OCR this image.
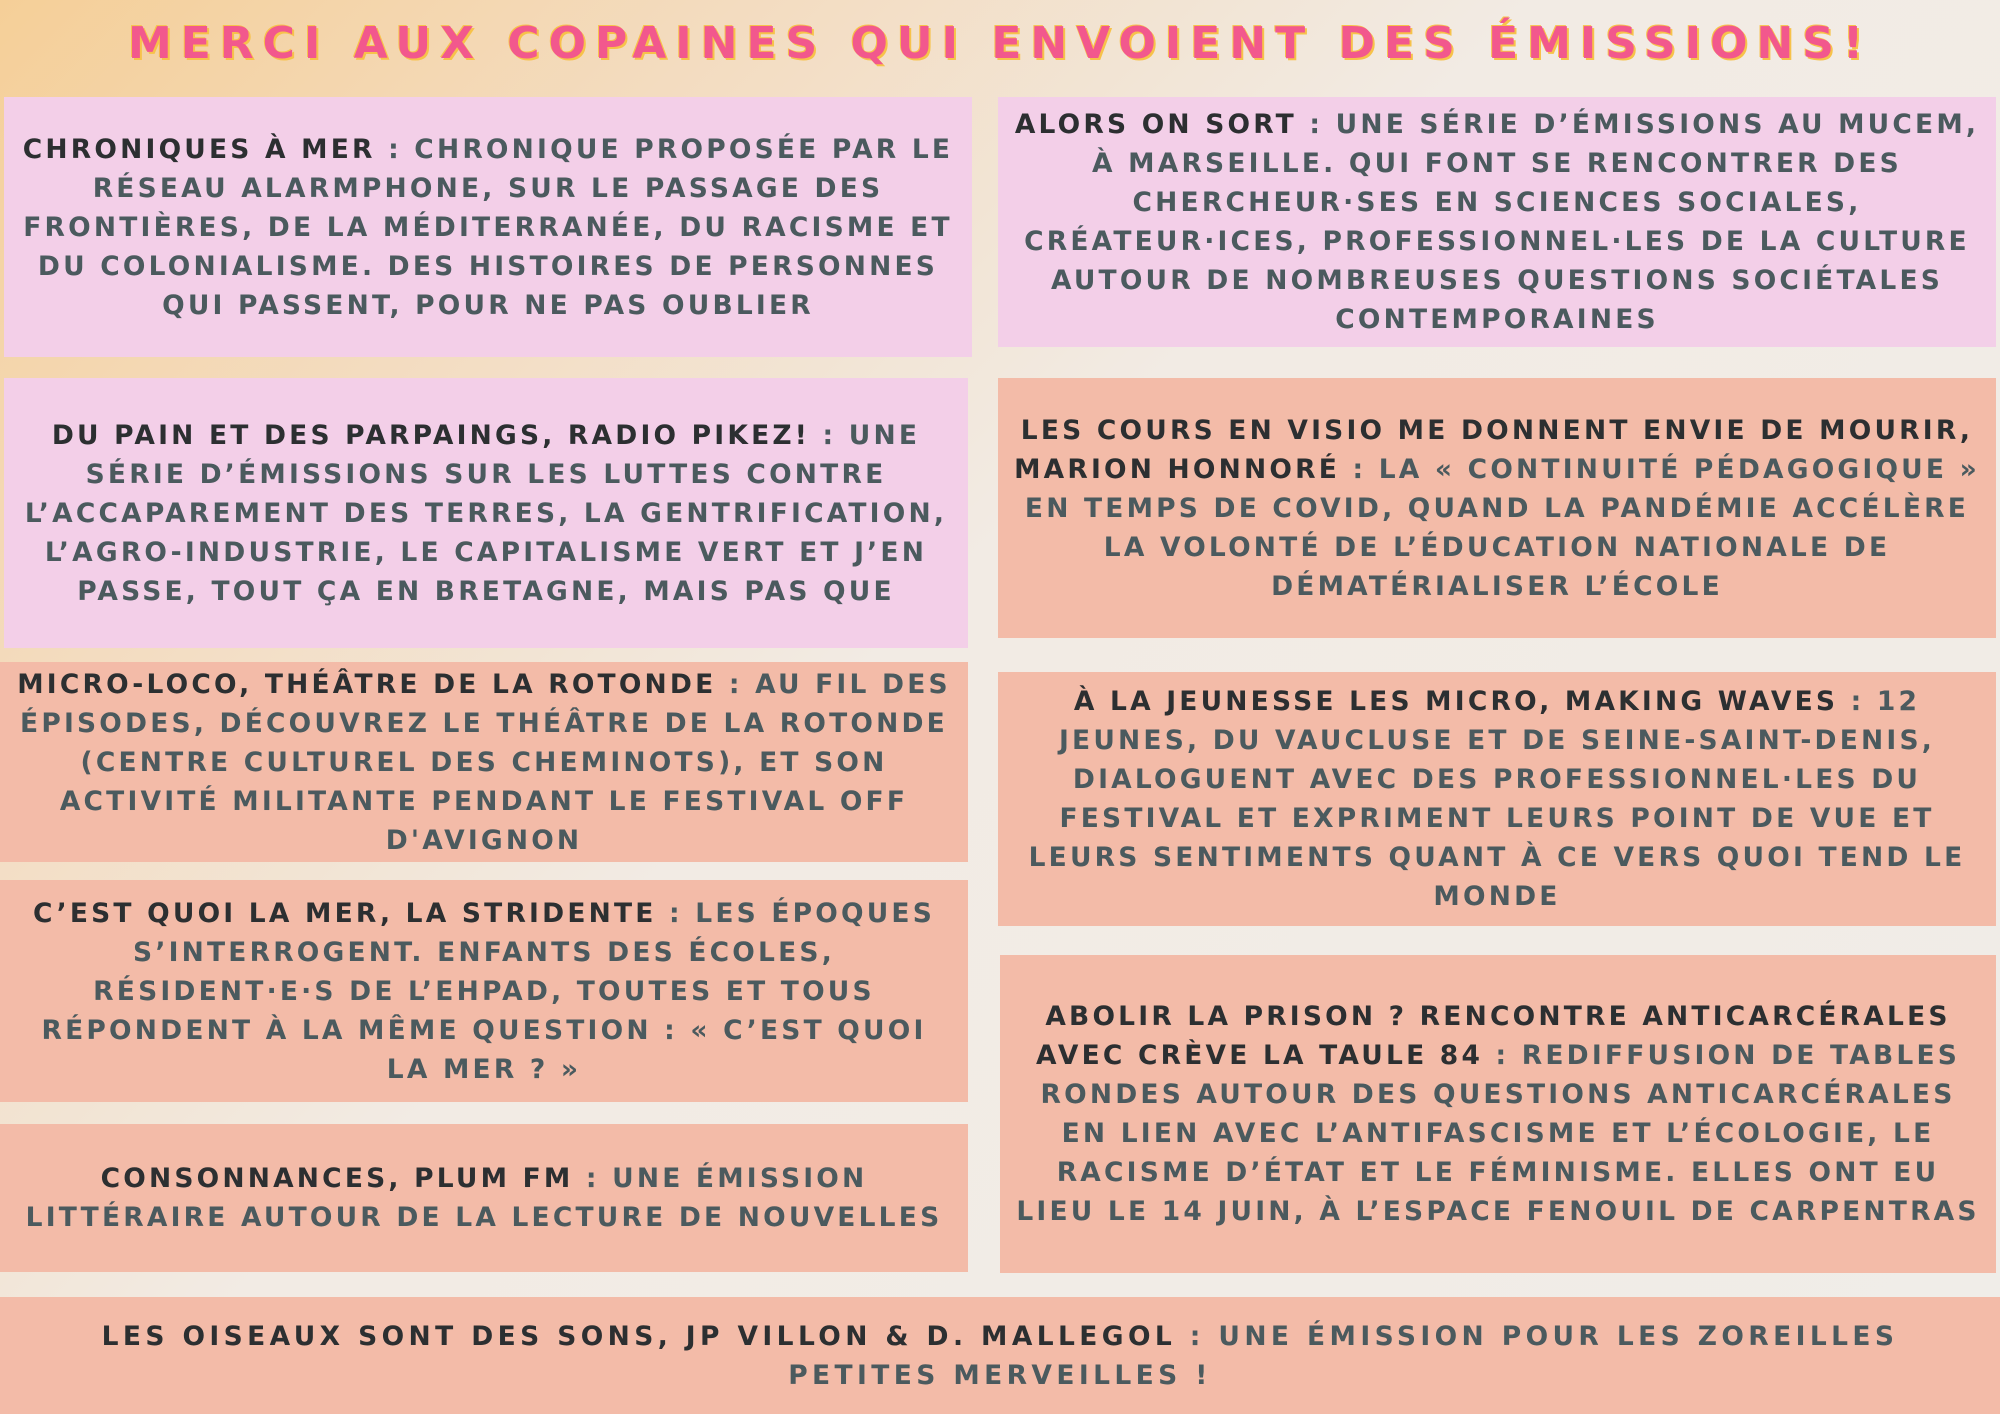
MERCI AUX COPAINES QUI ENVOIENT DES ÉMISSIONS!

CHRONIQUES À MER : CHRONIQUE PROPOSÉE PAR LE RÉSEAU ALARMPHONE, SUR LE PASSAGE DES FRONTIÈRES, DE LA MÉDITERRANÉE, DU RACISME ET DU COLONIALISME. DES HISTOIRES DE PERSONNES QUI PASSENT, POUR NE PAS OUBLIER

ALORS ON SORT : UNE SÉRIE D’ÉMISSIONS AU MUCEM, À MARSEILLE. QUI FONT SE RENCONTRER DES CHERCHEUR·SES EN SCIENCES SOCIALES, CRÉATEUR·ICES, PROFESSIONNEL·LES DE LA CULTURE AUTOUR DE NOMBREUSES QUESTIONS SOCIÉTALES CONTEMPORAINES

DU PAIN ET DES PARPAINGS, RADIO PIKEZ! : UNE SÉRIE D’ÉMISSIONS SUR LES LUTTES CONTRE L’ACCAPAREMENT DES TERRES, LA GENTRIFICATION, L’AGRO-INDUSTRIE, LE CAPITALISME VERT ET J’EN PASSE, TOUT ÇA EN BRETAGNE, MAIS PAS QUE

LES COURS EN VISIO ME DONNENT ENVIE DE MOURIR, MARION HONNORÉ : LA « CONTINUITÉ PÉDAGOGIQUE » EN TEMPS DE COVID, QUAND LA PANDÉMIE ACCÉLÈRE LA VOLONTÉ DE L’ÉDUCATION NATIONALE DE DÉMATÉRIALISER L’ÉCOLE

MICRO-LOCO, THÉÂTRE DE LA ROTONDE : AU FIL DES ÉPISODES, DÉCOUVREZ LE THÉÂTRE DE LA ROTONDE (CENTRE CULTUREL DES CHEMINOTS), ET SON ACTIVITÉ MILITANTE PENDANT LE FESTIVAL OFF D'AVIGNON

À LA JEUNESSE LES MICRO, MAKING WAVES : 12 JEUNES, DU VAUCLUSE ET DE SEINE-SAINT-DENIS, DIALOGUENT AVEC DES PROFESSIONNEL·LES DU FESTIVAL ET EXPRIMENT LEURS POINT DE VUE ET LEURS SENTIMENTS QUANT À CE VERS QUOI TEND LE MONDE

C’EST QUOI LA MER, LA STRIDENTE : LES ÉPOQUES S’INTERROGENT. ENFANTS DES ÉCOLES, RÉSIDENT·E·S DE L’EHPAD, TOUTES ET TOUS RÉPONDENT À LA MÊME QUESTION : « C’EST QUOI LA MER ? »

ABOLIR LA PRISON ? RENCONTRE ANTICARCÉRALES AVEC CRÈVE LA TAULE 84 : REDIFFUSION DE TABLES RONDES AUTOUR DES QUESTIONS ANTICARCÉRALES EN LIEN AVEC L’ANTIFASCISME ET L’ÉCOLOGIE, LE RACISME D’ÉTAT ET LE FÉMINISME. ELLES ONT EU LIEU LE 14 JUIN, À L’ESPACE FENOUIL DE CARPENTRAS

CONSONNANCES, PLUM FM : UNE ÉMISSION LITTÉRAIRE AUTOUR DE LA LECTURE DE NOUVELLES

LES OISEAUX SONT DES SONS, JP VILLON & D. MALLEGOL : UNE ÉMISSION POUR LES ZOREILLES PETITES MERVEILLES !
